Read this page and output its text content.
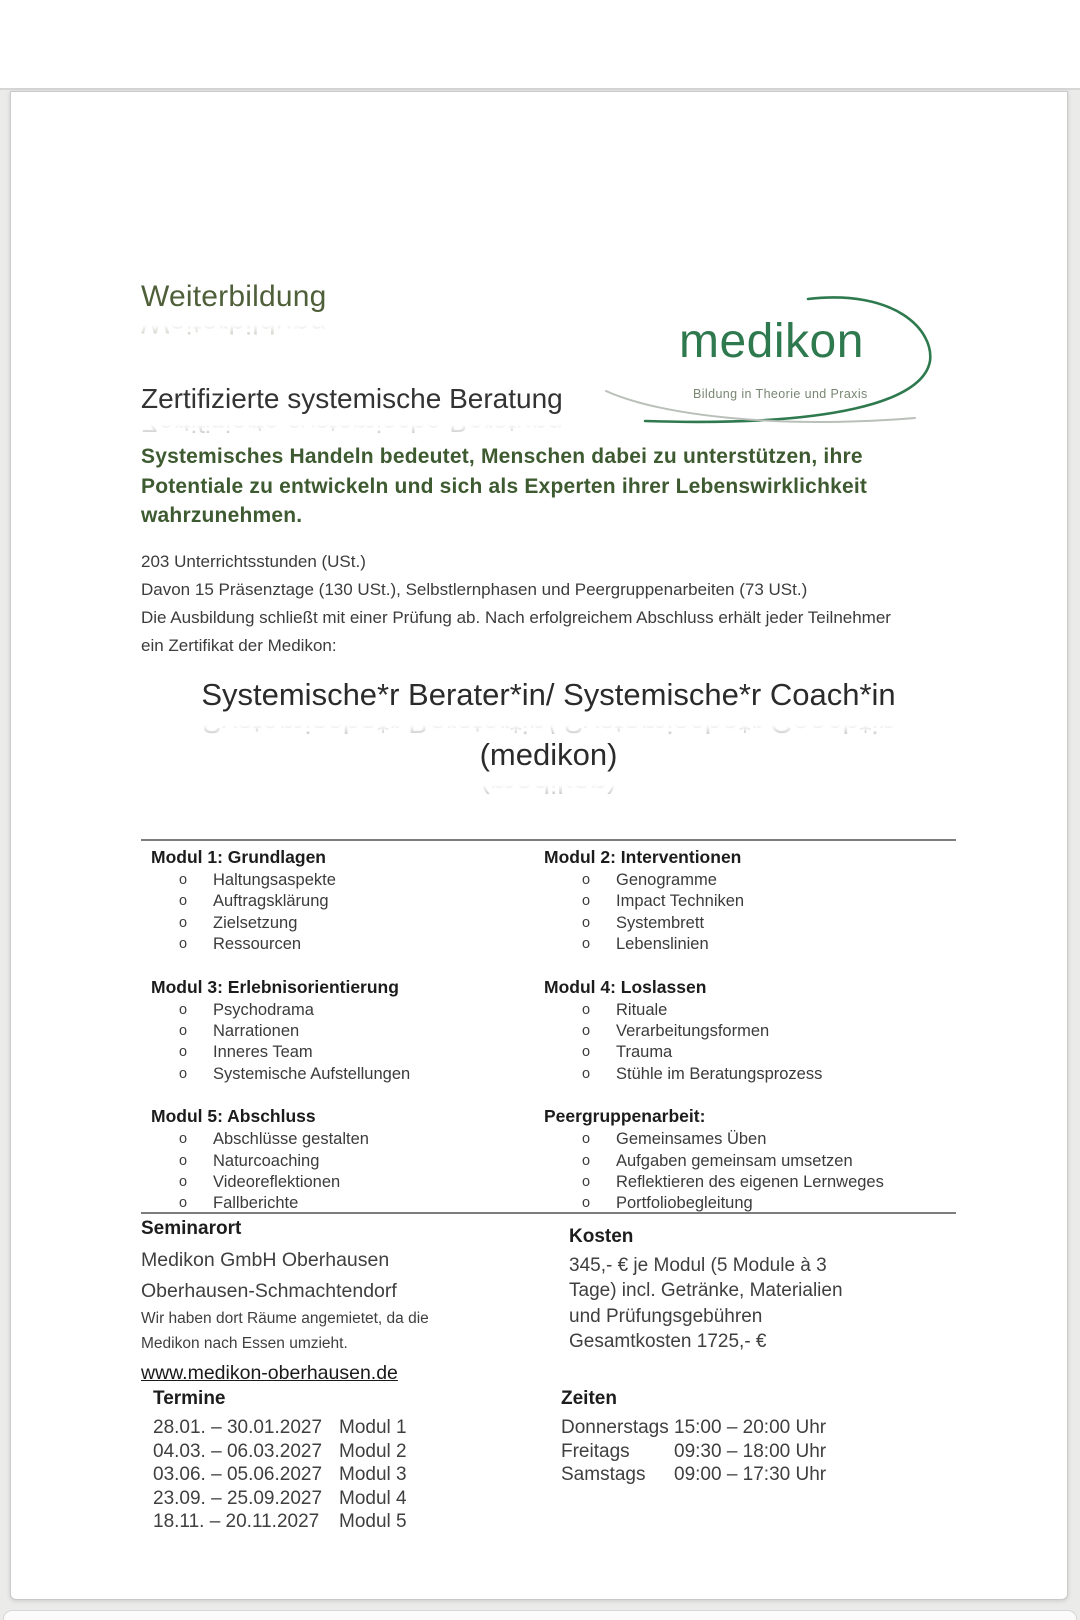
Weiterbildung
medikon
Bildung in Theorie und Praxis
Zertifizierte systemische Beratung
Systemisches Handeln bedeutet, Menschen dabei zu unterstützen, ihre
Potentiale zu entwickeln und sich als Experten ihrer Lebenswirklichkeit
wahrzunehmen.
203 Unterrichtsstunden (USt.)
Davon 15 Präsenztage (130 USt.), Selbstlernphasen und Peergruppenarbeiten (73 USt.)
Die Ausbildung schließt mit einer Prüfung ab. Nach erfolgreichem Abschluss erhält jeder Teilnehmer
ein Zertifikat der Medikon:
Systemische*r Berater*in/ Systemische*r Coach*in
(medikon)
Modul 1: Grundlagen
o Haltungsaspekte
o Auftragsklärung
o Zielsetzung
o Ressourcen
Modul 2: Interventionen
o Genogramme
o Impact Techniken
o Systembrett
o Lebenslinien
Modul 3: Erlebnisorientierung
o Psychodrama
o Narrationen
o Inneres Team
o Systemische Aufstellungen
Modul 4: Loslassen
o Rituale
o Verarbeitungsformen
o Trauma
o Stühle im Beratungsprozess
Modul 5: Abschluss
o Abschlüsse gestalten
o Naturcoaching
o Videoreflektionen
o Fallberichte
Peergruppenarbeit:
o Gemeinsames Üben
o Aufgaben gemeinsam umsetzen
o Reflektieren des eigenen Lernweges
o Portfoliobegleitung
Seminarort
Medikon GmbH Oberhausen
Oberhausen-Schmachtendorf
Wir haben dort Räume angemietet, da die
Medikon nach Essen umzieht.
www.medikon-oberhausen.de
Kosten
345,- € je Modul (5 Module à 3
Tage) incl. Getränke, Materialien
und Prüfungsgebühren
Gesamtkosten 1725,- €
Termine
28.01. – 30.01.2027 Modul 1
04.03. – 06.03.2027 Modul 2
03.06. – 05.06.2027 Modul 3
23.09. – 25.09.2027 Modul 4
18.11. – 20.11.2027	Modul 5
Zeiten
Donnerstags 15:00 – 20:00 Uhr
Freitags	09:30 – 18:00 Uhr
Samstags	09:00 – 17:30 Uhr
